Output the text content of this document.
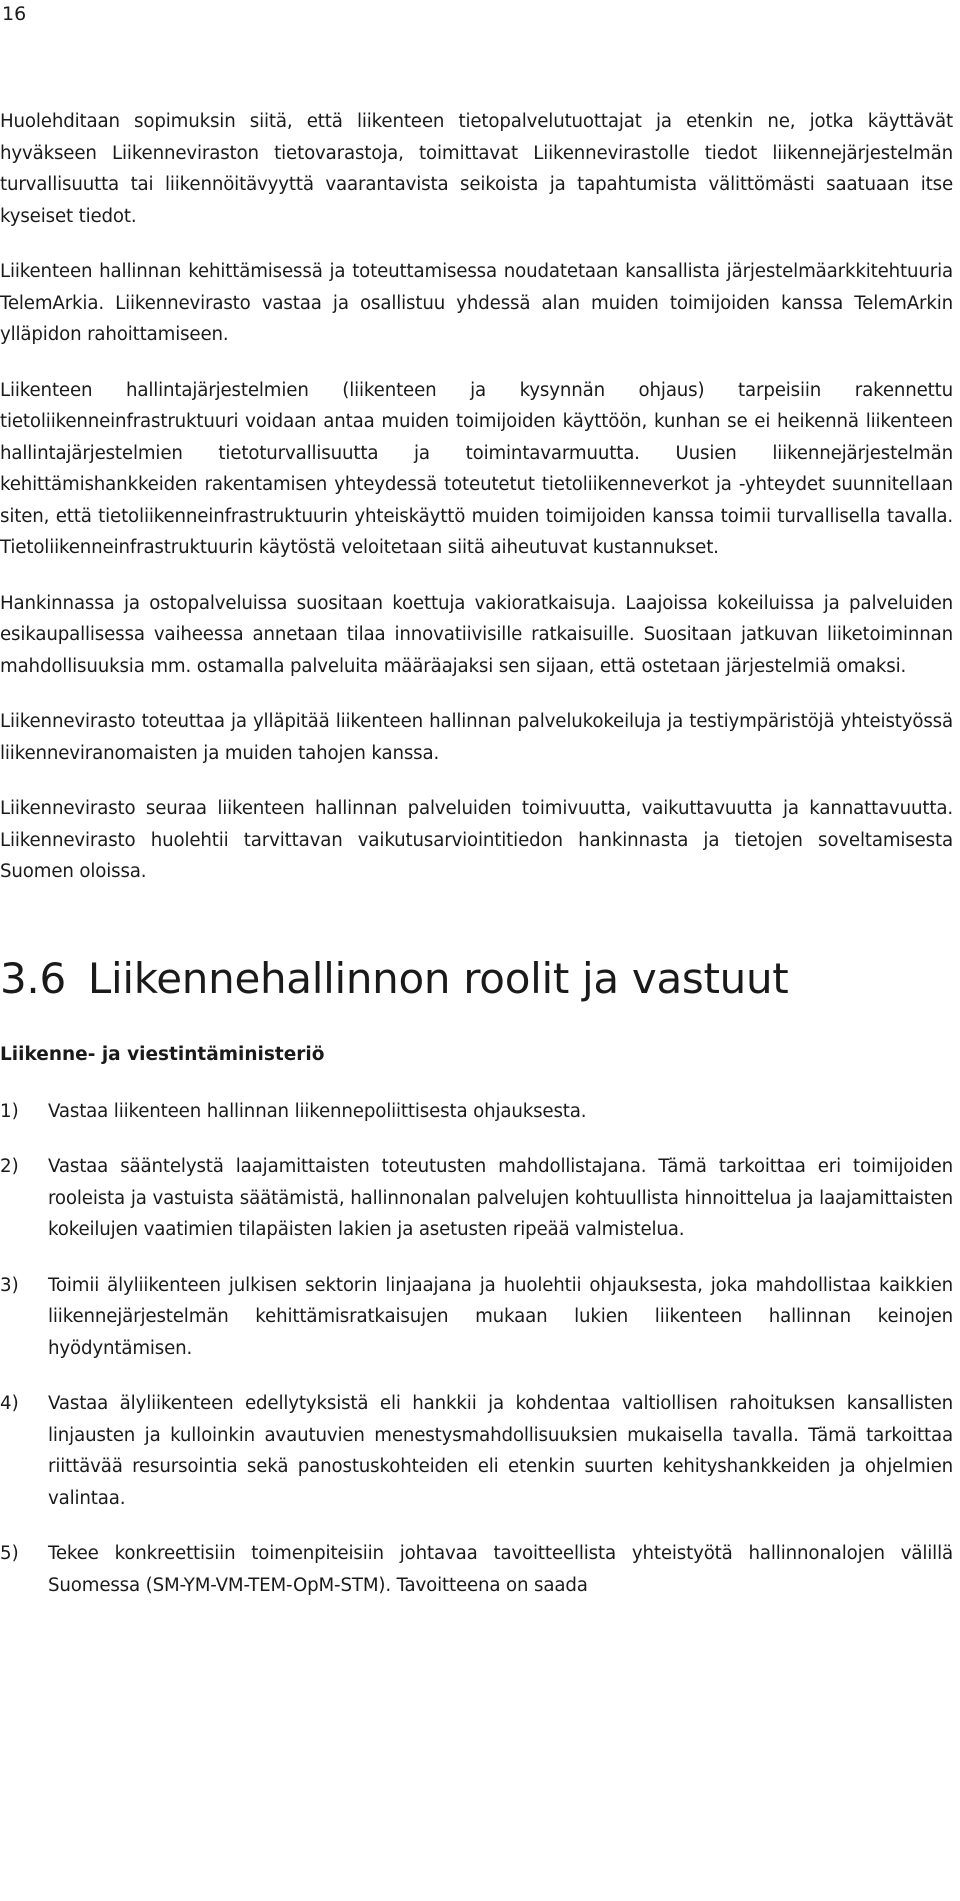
16

Huolehditaan sopimuksin siitä, että liikenteen tietopalvelutuottajat ja etenkin ne, jotka käyttävät hyväkseen Liikenneviraston tietovarastoja, toimittavat Liikennevirastolle tiedot liikennejärjestelmän turvallisuutta tai liikennöitävyyttä vaarantavista seikoista ja tapahtumista välittömästi saatuaan itse kyseiset tiedot.

Liikenteen hallinnan kehittämisessä ja toteuttamisessa noudatetaan kansallista järjestelmäarkkitehtuuria TelemArkia. Liikennevirasto vastaa ja osallistuu yhdessä alan muiden toimijoiden kanssa TelemArkin ylläpidon rahoittamiseen.

Liikenteen hallintajärjestelmien (liikenteen ja kysynnän ohjaus) tarpeisiin rakennettu tietoliikenneinfrastruktuuri voidaan antaa muiden toimijoiden käyttöön, kunhan se ei heikennä liikenteen hallintajärjestelmien tietoturvallisuutta ja toimintavarmuutta. Uusien liikennejärjestelmän kehittämishankkeiden rakentamisen yhteydessä toteutetut tietoliikenneverkot ja -yhteydet suunnitellaan siten, että tietoliikenneinfrastruktuurin yhteiskäyttö muiden toimijoiden kanssa toimii turvallisella tavalla. Tietoliikenneinfrastruktuurin käytöstä veloitetaan siitä aiheutuvat kustannukset.

Hankinnassa ja ostopalveluissa suositaan koettuja vakioratkaisuja. Laajoissa kokeiluissa ja palveluiden esikaupallisessa vaiheessa annetaan tilaa innovatiivisille ratkaisuille. Suositaan jatkuvan liiketoiminnan mahdollisuuksia mm. ostamalla palveluita määräajaksi sen sijaan, että ostetaan järjestelmiä omaksi.

Liikennevirasto toteuttaa ja ylläpitää liikenteen hallinnan palvelukokeiluja ja testiympäristöjä yhteistyössä liikenneviranomaisten ja muiden tahojen kanssa.

Liikennevirasto seuraa liikenteen hallinnan palveluiden toimivuutta, vaikuttavuutta ja kannattavuutta. Liikennevirasto huolehtii tarvittavan vaikutusarviointitiedon hankinnasta ja tietojen soveltamisesta Suomen oloissa.

3.6 Liikennehallinnon roolit ja vastuut
Liikenne- ja viestintäministeriö
1) Vastaa liikenteen hallinnan liikennepoliittisesta ohjauksesta.

2) Vastaa sääntelystä laajamittaisten toteutusten mahdollistajana. Tämä tarkoittaa eri toimijoiden rooleista ja vastuista säätämistä, hallinnonalan palvelujen kohtuullista hinnoittelua ja laajamittaisten kokeilujen vaatimien tilapäisten lakien ja asetusten ripeää valmistelua.

3) Toimii älyliikenteen julkisen sektorin linjaajana ja huolehtii ohjauksesta, joka mahdollistaa kaikkien liikennejärjestelmän kehittämisratkaisujen mukaan lukien liikenteen hallinnan keinojen hyödyntämisen.

4) Vastaa älyliikenteen edellytyksistä eli hankkii ja kohdentaa valtiollisen rahoituksen kansallisten linjausten ja kulloinkin avautuvien menestysmahdollisuuksien mukaisella tavalla. Tämä tarkoittaa riittävää resursointia sekä panostuskohteiden eli etenkin suurten kehityshankkeiden ja ohjelmien valintaa.

5) Tekee konkreettisiin toimenpiteisiin johtavaa tavoitteellista yhteistyötä hallinnonalojen välillä Suomessa (SM-YM-VM-TEM-OpM-STM). Tavoitteena on saada
